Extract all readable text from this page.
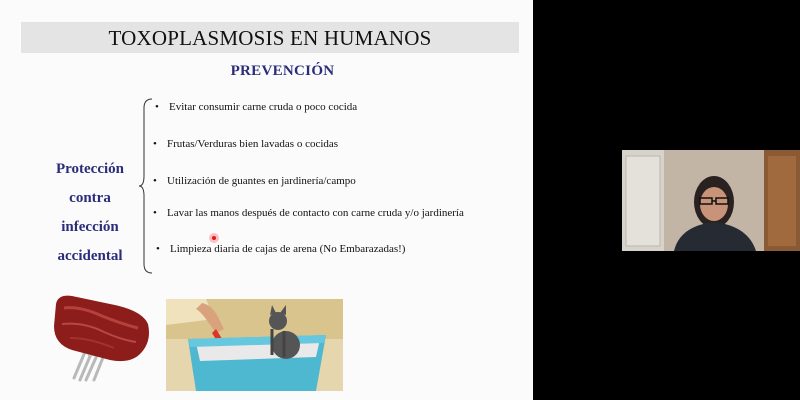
TOXOPLASMOSIS EN HUMANOS
PREVENCIÓN
Protección
contra
infección
accidental
• Evitar consumir carne cruda o poco cocida
• Frutas/Verduras bien lavadas o cocidas
• Utilización de guantes en jardinería/campo
• Lavar las manos después de contacto con carne cruda y/o jardinería
• Limpieza diaria de cajas de arena (No Embarazadas!)
